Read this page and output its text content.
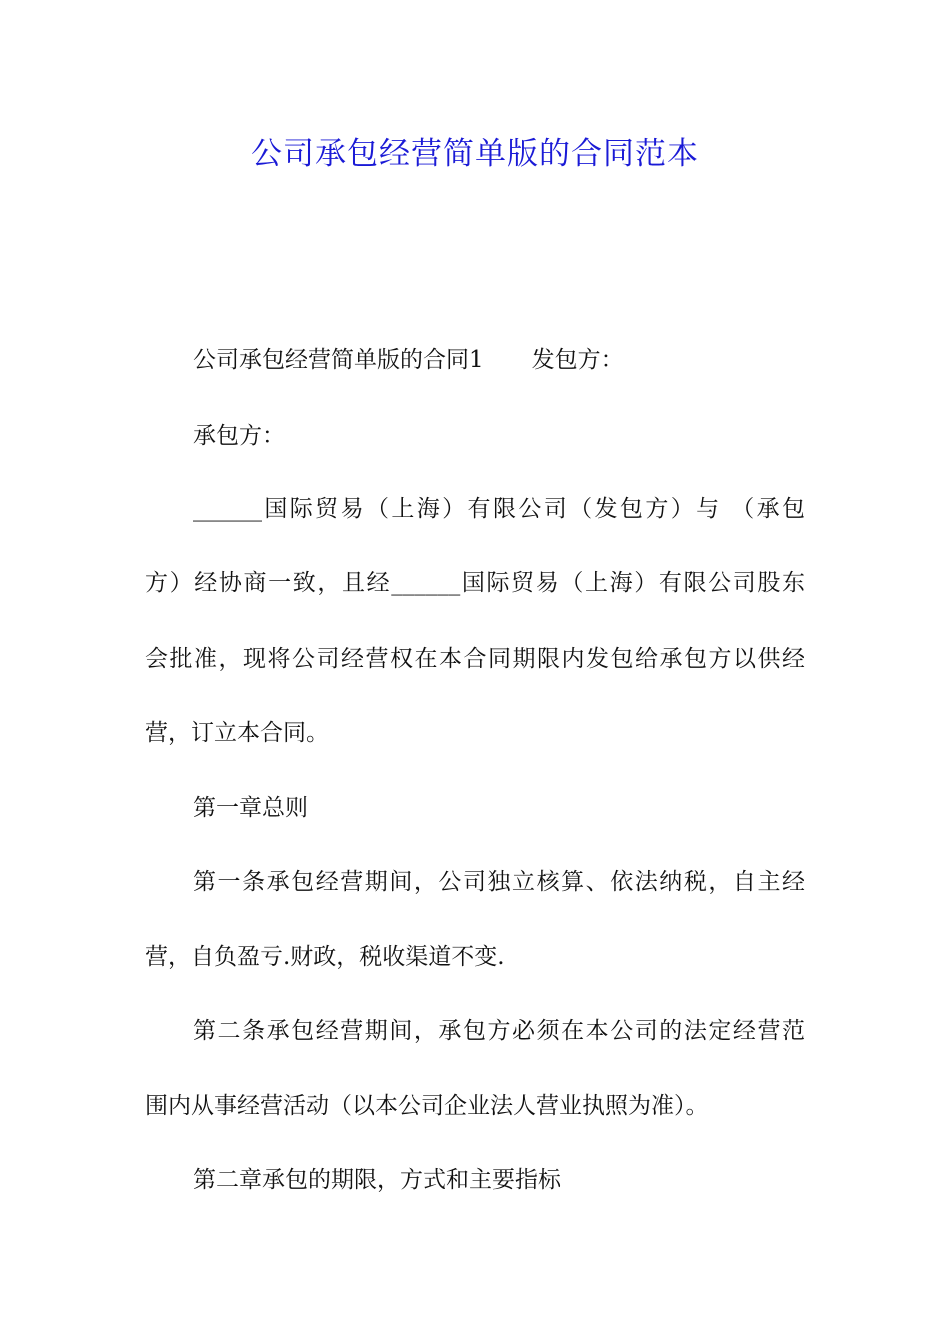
公司承包经营简单版的合同范本
公司承包经营简单版的合同1 发包方：
承包方：
______国际贸易（上海）有限公司（发包方）与 （承包
方）经协商一致，且经______国际贸易（上海）有限公司股东
会批准，现将公司经营权在本合同期限内发包给承包方以供经
营，订立本合同。
第一章总则
第一条承包经营期间，公司独立核算、依法纳税，自主经
营，自负盈亏.财政，税收渠道不变.
第二条承包经营期间，承包方必须在本公司的法定经营范
围内从事经营活动（以本公司企业法人营业执照为准）。
第二章承包的期限，方式和主要指标
